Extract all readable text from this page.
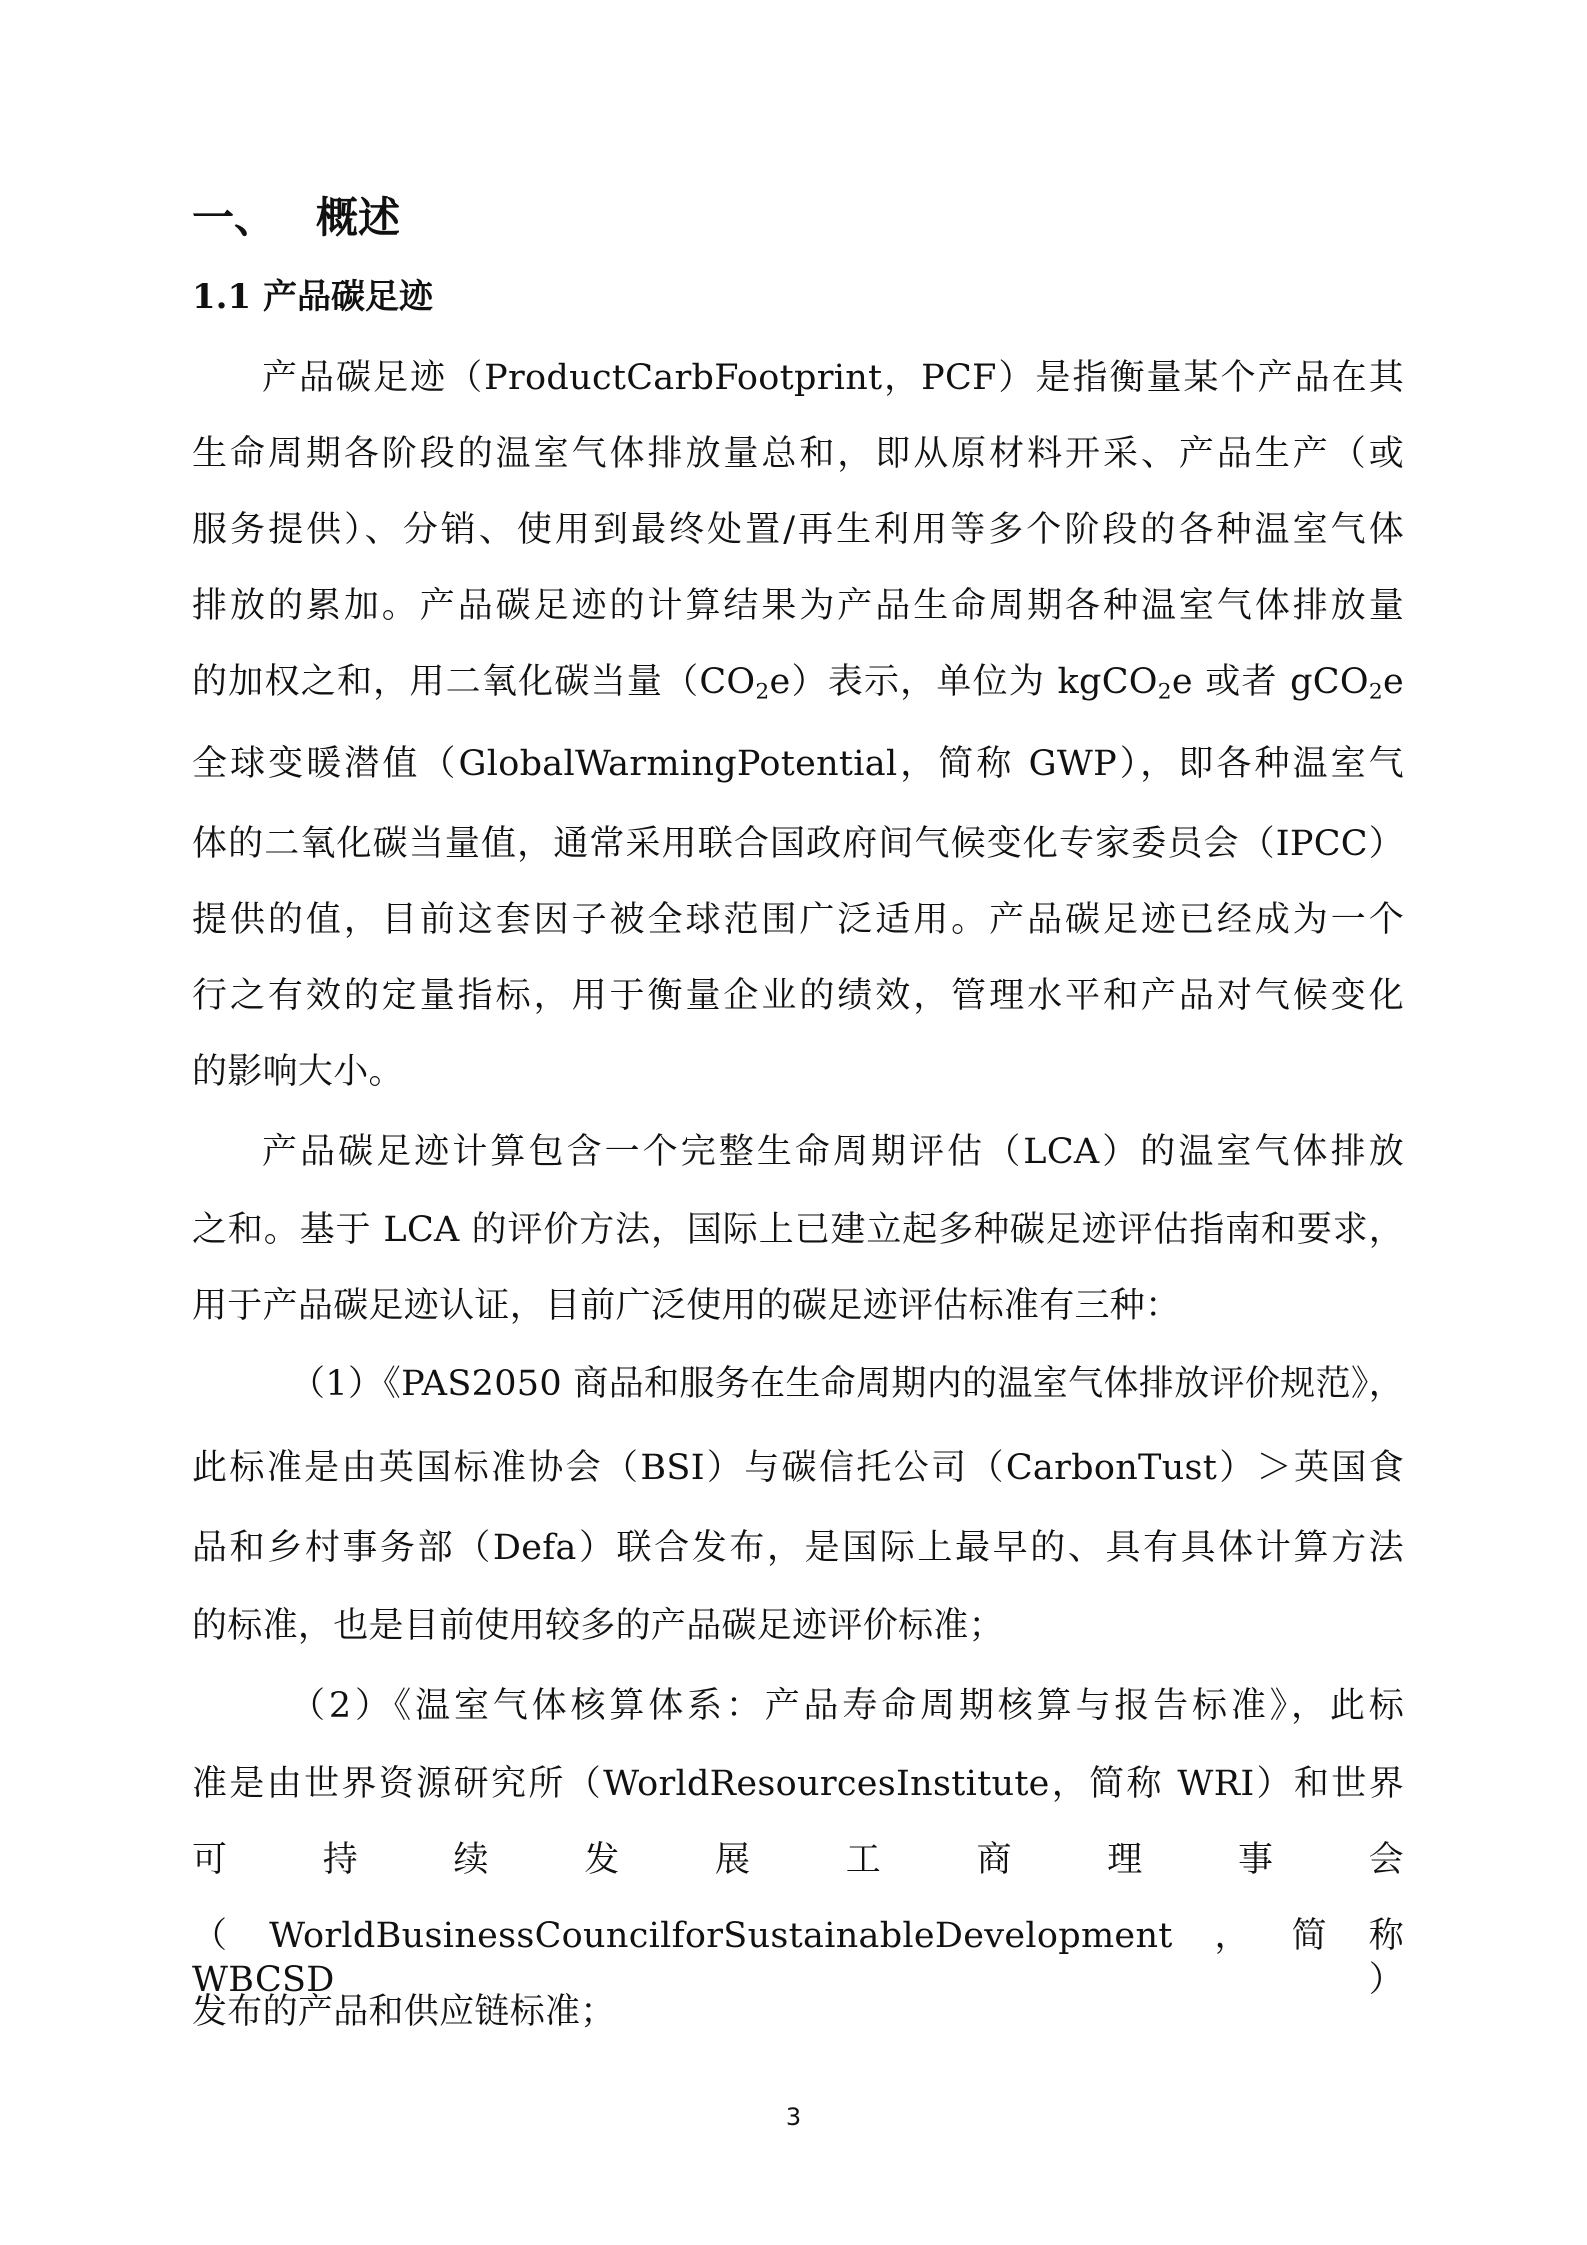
一、 概述
1.1 产品碳足迹
产品碳足迹（ProductCarbFootprint，PCF）是指衡量某个产品在其
生命周期各阶段的温室气体排放量总和，即从原材料开采、产品生产（或
服务提供）、分销、使用到最终处置/再生利用等多个阶段的各种温室气体
排放的累加。产品碳足迹的计算结果为产品生命周期各种温室气体排放量
的加权之和，用二氧化碳当量$(CO_2e)$表示，单位为 kgCO$_2$e 或者 gCO$_2$e
全球变暖潜值（GlobalWarmingPotential，简称 GWP），即各种温室气
体的二氧化碳当量值，通常采用联合国政府间气候变化专家委员会（IPCC）
提供的值，目前这套因子被全球范围广泛适用。产品碳足迹已经成为一个
行之有效的定量指标，用于衡量企业的绩效，管理水平和产品对气候变化
的影响大小。
产品碳足迹计算包含一个完整生命周期评估（LCA）的温室气体排放
之和。基于 LCA 的评价方法，国际上已建立起多种碳足迹评估指南和要求，
用于产品碳足迹认证，目前广泛使用的碳足迹评估标准有三种：
（1）《PAS2050 商品和服务在生命周期内的温室气体排放评价规范》，
此标准是由英国标准协会（BSI）与碳信托公司（CarbonTust）＞英国食
品和乡村事务部（Defa）联合发布，是国际上最早的、具有具体计算方法
的标准，也是目前使用较多的产品碳足迹评价标准；
（2）《温室气体核算体系：产品寿命周期核算与报告标准》，此标
准是由世界资源研究所（WorldResourcesInstitute，简称 WRI）和世界
可 持 续 发 展 工 商 理 事 会
（WorldBusinessCouncilforSustainableDevelopment，简称 WBCSD）
发布的产品和供应链标准；
3
